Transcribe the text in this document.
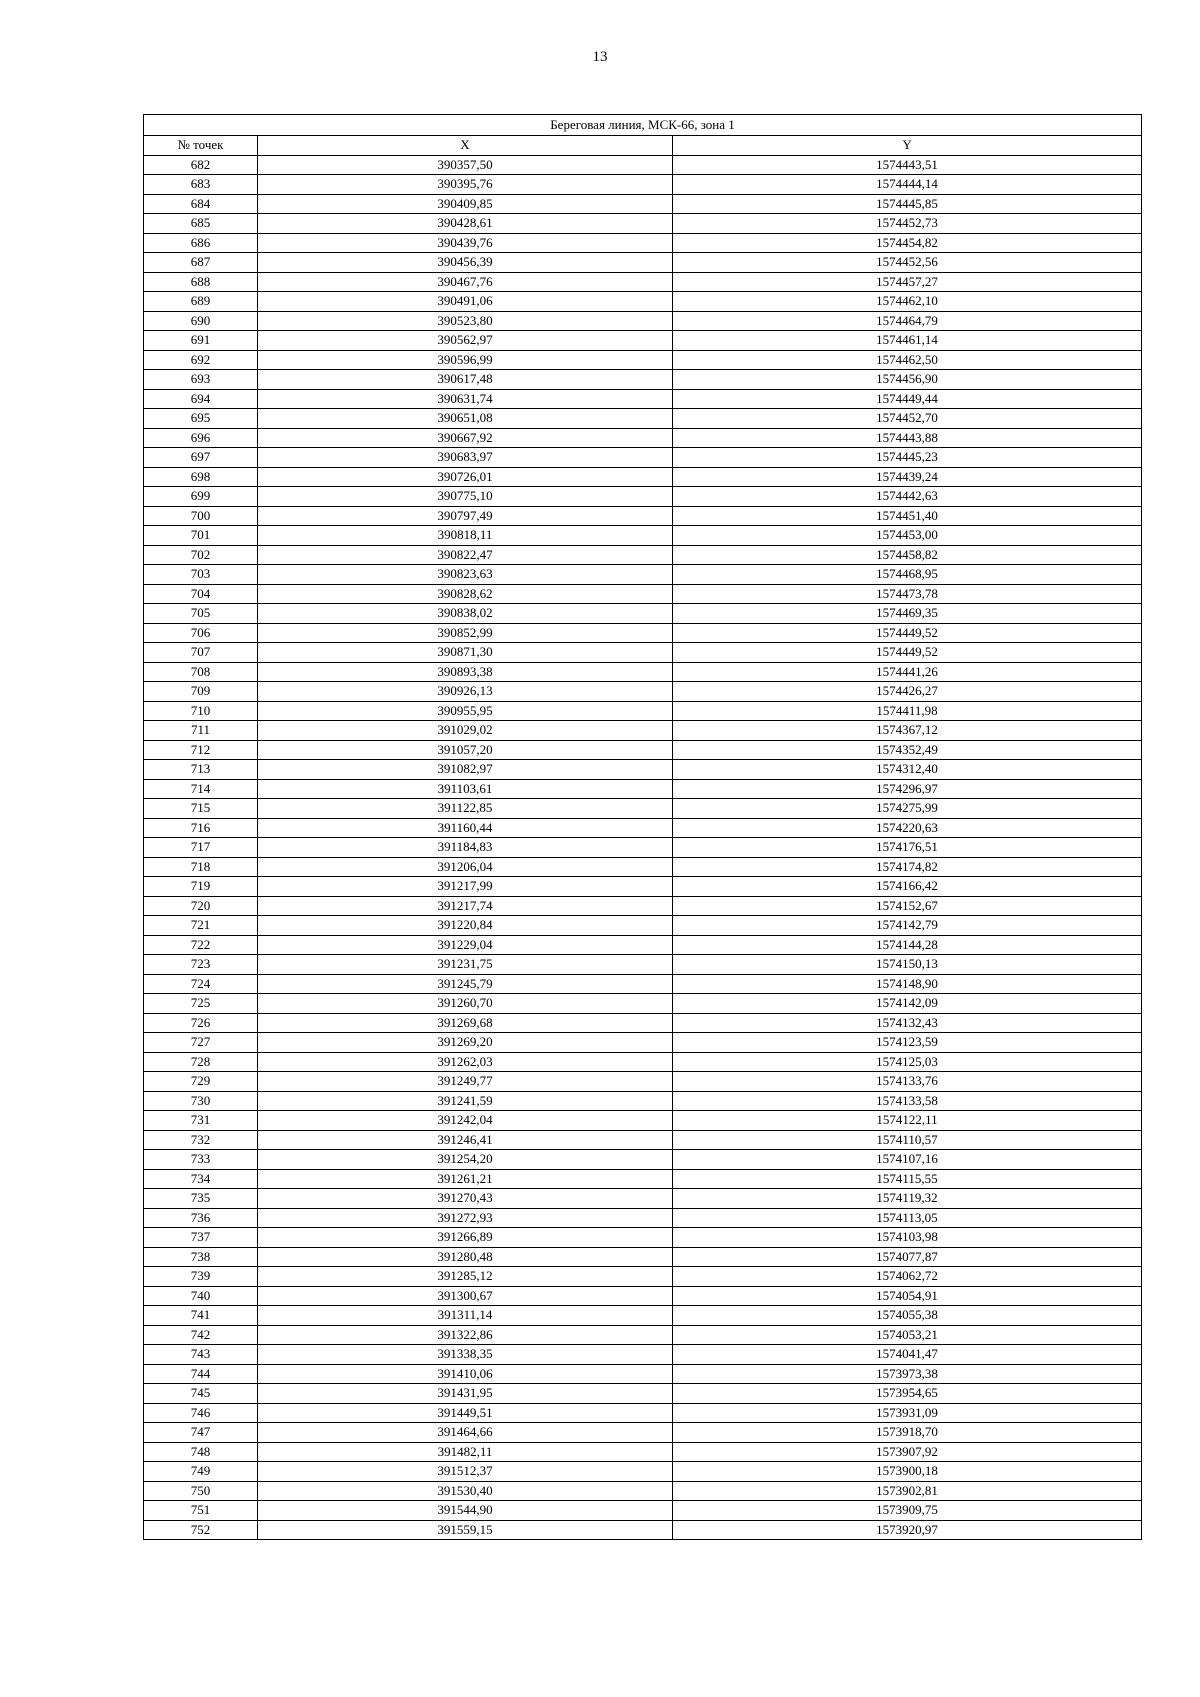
13
Береговая линия, МСК-66, зона 1		
№ точек	X	Y
682	390357,50	1574443,51
683	390395,76	1574444,14
684	390409,85	1574445,85
685	390428,61	1574452,73
686	390439,76	1574454,82
687	390456,39	1574452,56
688	390467,76	1574457,27
689	390491,06	1574462,10
690	390523,80	1574464,79
691	390562,97	1574461,14
692	390596,99	1574462,50
693	390617,48	1574456,90
694	390631,74	1574449,44
695	390651,08	1574452,70
696	390667,92	1574443,88
697	390683,97	1574445,23
698	390726,01	1574439,24
699	390775,10	1574442,63
700	390797,49	1574451,40
701	390818,11	1574453,00
702	390822,47	1574458,82
703	390823,63	1574468,95
704	390828,62	1574473,78
705	390838,02	1574469,35
706	390852,99	1574449,52
707	390871,30	1574449,52
708	390893,38	1574441,26
709	390926,13	1574426,27
710	390955,95	1574411,98
711	391029,02	1574367,12
712	391057,20	1574352,49
713	391082,97	1574312,40
714	391103,61	1574296,97
715	391122,85	1574275,99
716	391160,44	1574220,63
717	391184,83	1574176,51
718	391206,04	1574174,82
719	391217,99	1574166,42
720	391217,74	1574152,67
721	391220,84	1574142,79
722	391229,04	1574144,28
723	391231,75	1574150,13
724	391245,79	1574148,90
725	391260,70	1574142,09
726	391269,68	1574132,43
727	391269,20	1574123,59
728	391262,03	1574125,03
729	391249,77	1574133,76
730	391241,59	1574133,58
731	391242,04	1574122,11
732	391246,41	1574110,57
733	391254,20	1574107,16
734	391261,21	1574115,55
735	391270,43	1574119,32
736	391272,93	1574113,05
737	391266,89	1574103,98
738	391280,48	1574077,87
739	391285,12	1574062,72
740	391300,67	1574054,91
741	391311,14	1574055,38
742	391322,86	1574053,21
743	391338,35	1574041,47
744	391410,06	1573973,38
745	391431,95	1573954,65
746	391449,51	1573931,09
747	391464,66	1573918,70
748	391482,11	1573907,92
749	391512,37	1573900,18
750	391530,40	1573902,81
751	391544,90	1573909,75
752	391559,15	1573920,97
